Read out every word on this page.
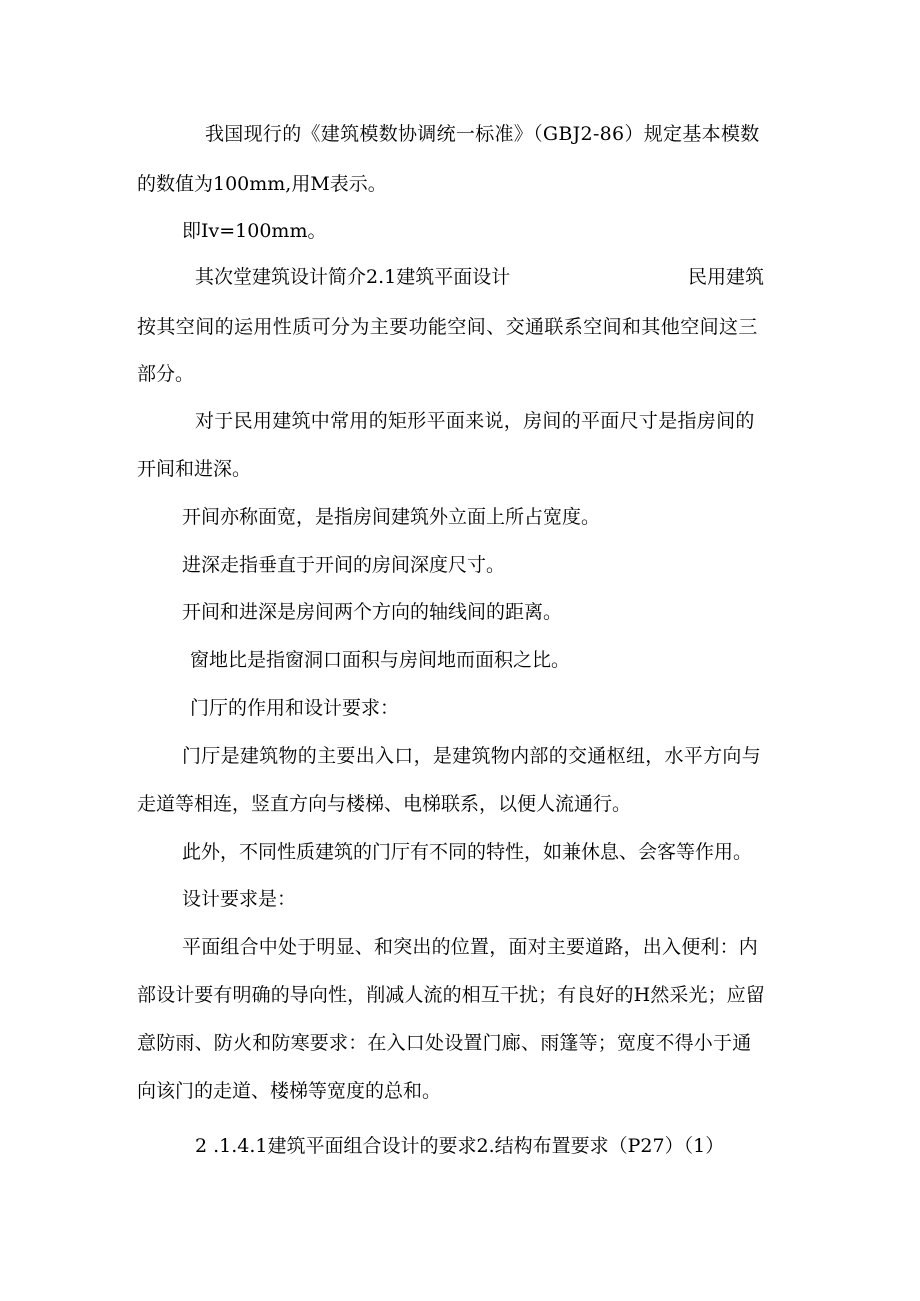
我国现行的《建筑模数协调统一标准》（GBJ2-86）规定基本模数
的数值为100mm,用M表示。
即Iv=100mm。
其次堂建筑设计简介2.1建筑平面设计	民用建筑
按其空间的运用性质可分为主要功能空间、交通联系空间和其他空间这三
部分。
对于民用建筑中常用的矩形平面来说，房间的平面尺寸是指房间的
开间和进深。
开间亦称面宽，是指房间建筑外立面上所占宽度。
进深走指垂直于开间的房间深度尺寸。
开间和进深是房间两个方向的轴线间的距离。
窗地比是指窗洞口面积与房间地而面积之比。
门厅的作用和设计要求：
门厅是建筑物的主要出入口，是建筑物内部的交通枢纽，水平方向与
走道等相连，竖直方向与楼梯、电梯联系，以便人流通行。
此外，不同性质建筑的门厅有不同的特性，如兼休息、会客等作用。
设计要求是：
平面组合中处于明显、和突出的位置，面对主要道路，出入便利：内
部设计要有明确的导向性，削减人流的相互干扰；有良好的H然采光；应留
意防雨、防火和防寒要求：在入口处设置门廊、雨篷等；宽度不得小于通
向该门的走道、楼梯等宽度的总和。
2 .1.4.1建筑平面组合设计的要求2.结构布置要求（P27）（1）
